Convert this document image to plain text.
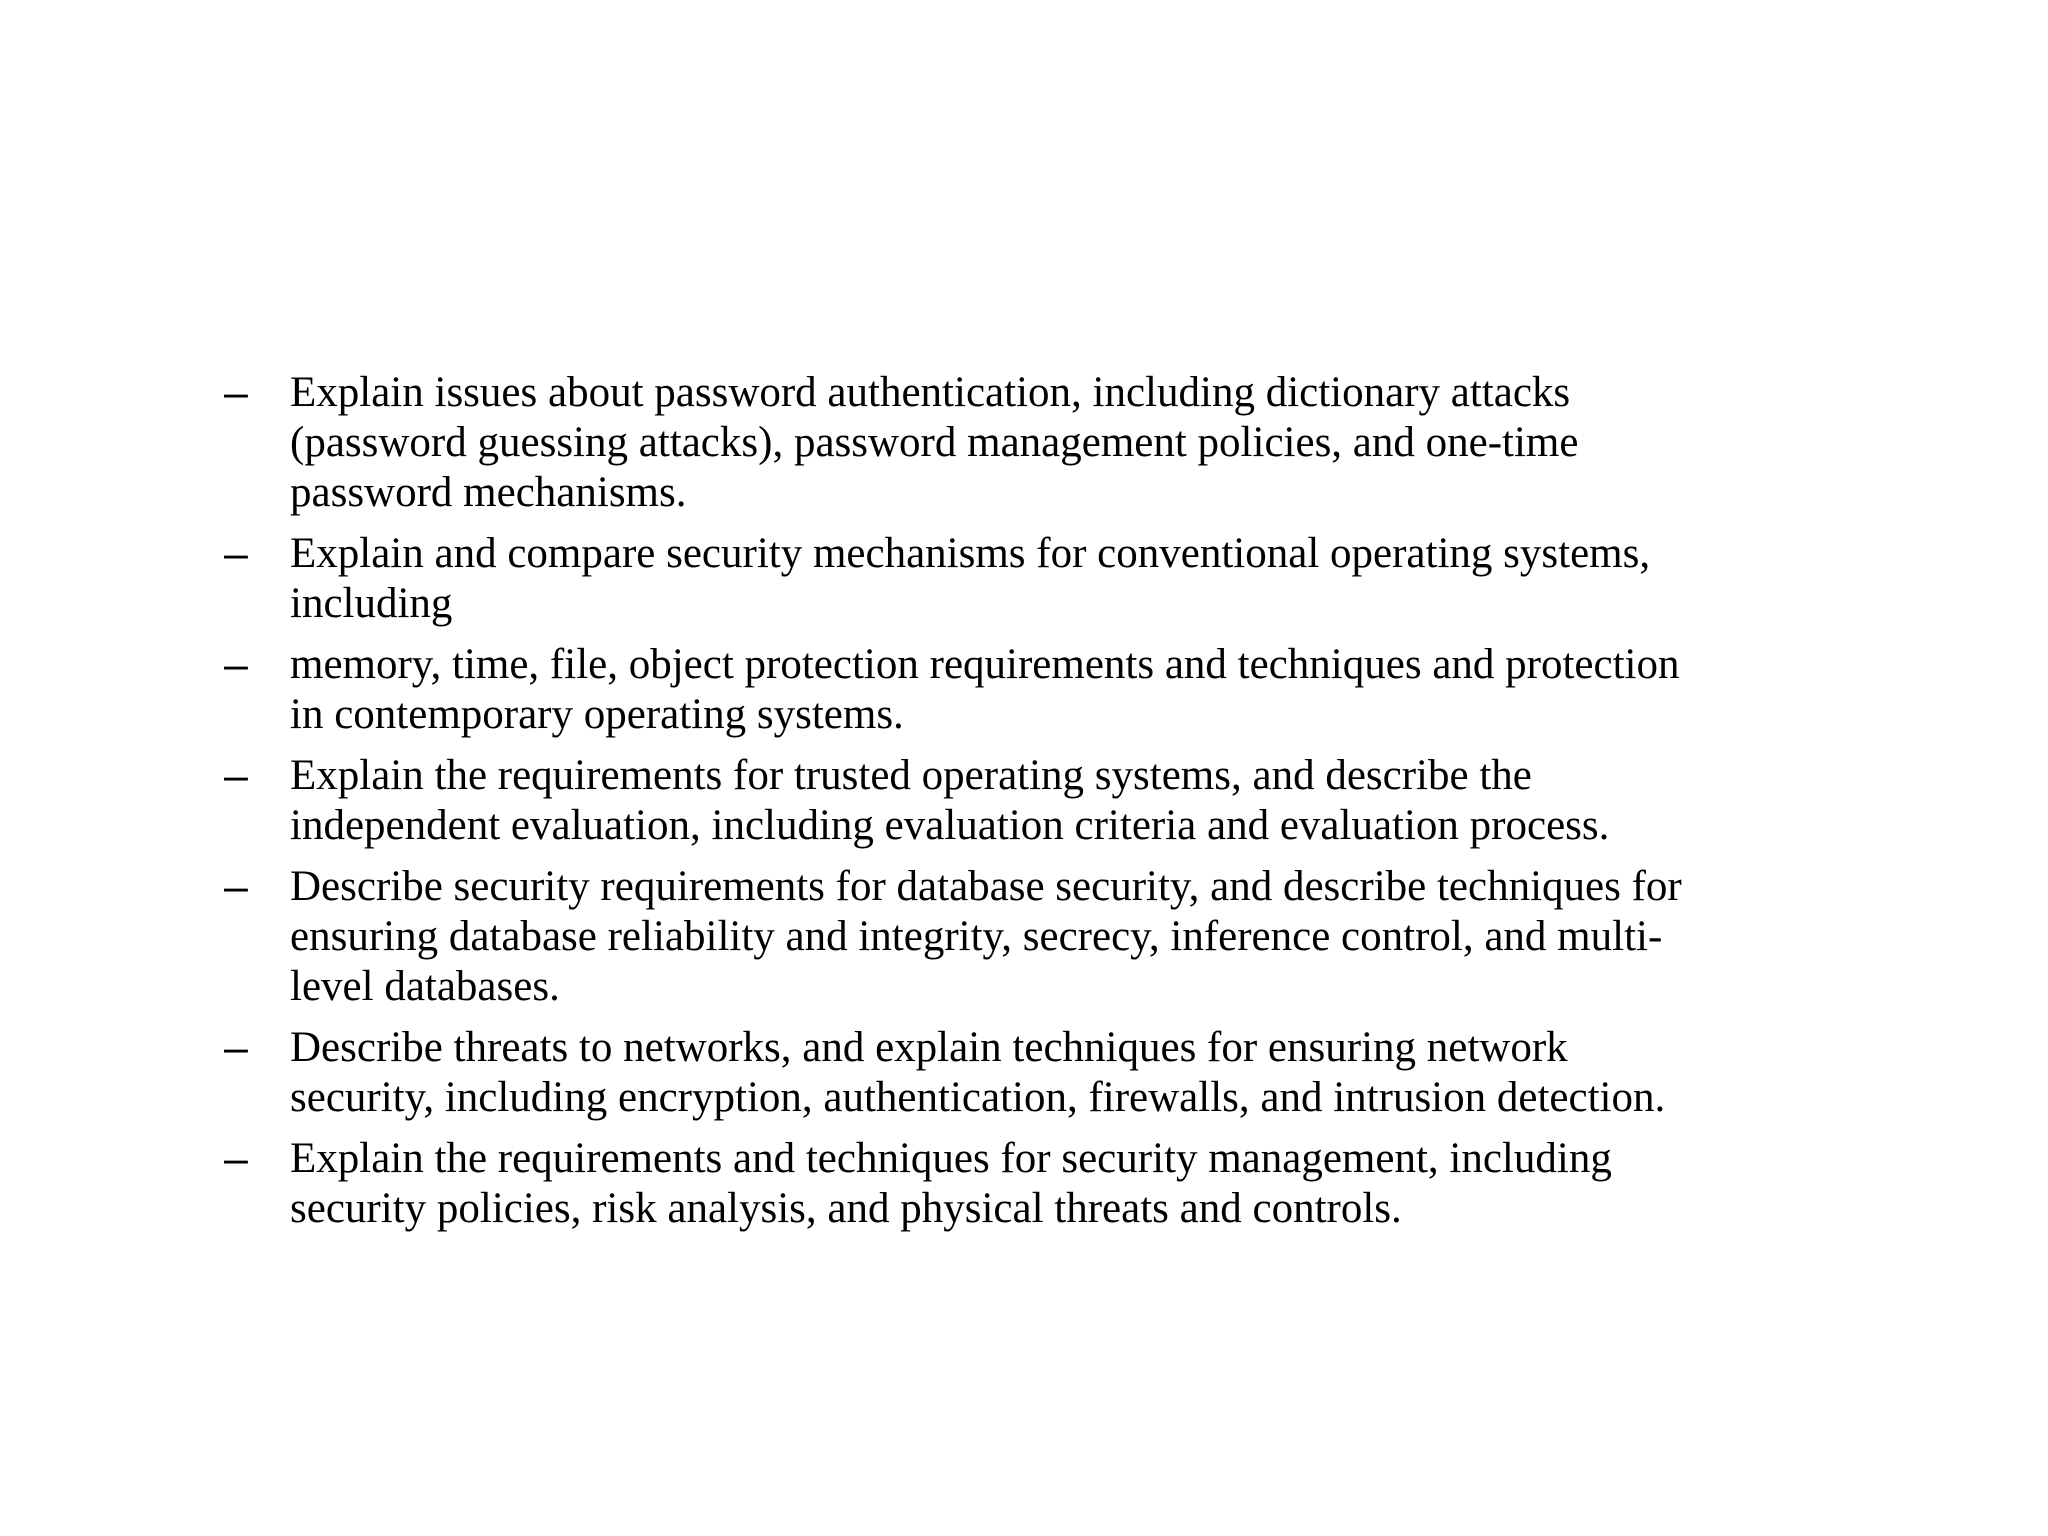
– Explain issues about password authentication, including dictionary attacks
(password guessing attacks), password management policies, and one-time
password mechanisms.
– Explain and compare security mechanisms for conventional operating systems,
including
– memory, time, file, object protection requirements and techniques and protection
in contemporary operating systems.
– Explain the requirements for trusted operating systems, and describe the
independent evaluation, including evaluation criteria and evaluation process.
– Describe security requirements for database security, and describe techniques for
ensuring database reliability and integrity, secrecy, inference control, and multi-
level databases.
– Describe threats to networks, and explain techniques for ensuring network
security, including encryption, authentication, firewalls, and intrusion detection.
– Explain the requirements and techniques for security management, including
security policies, risk analysis, and physical threats and controls.
